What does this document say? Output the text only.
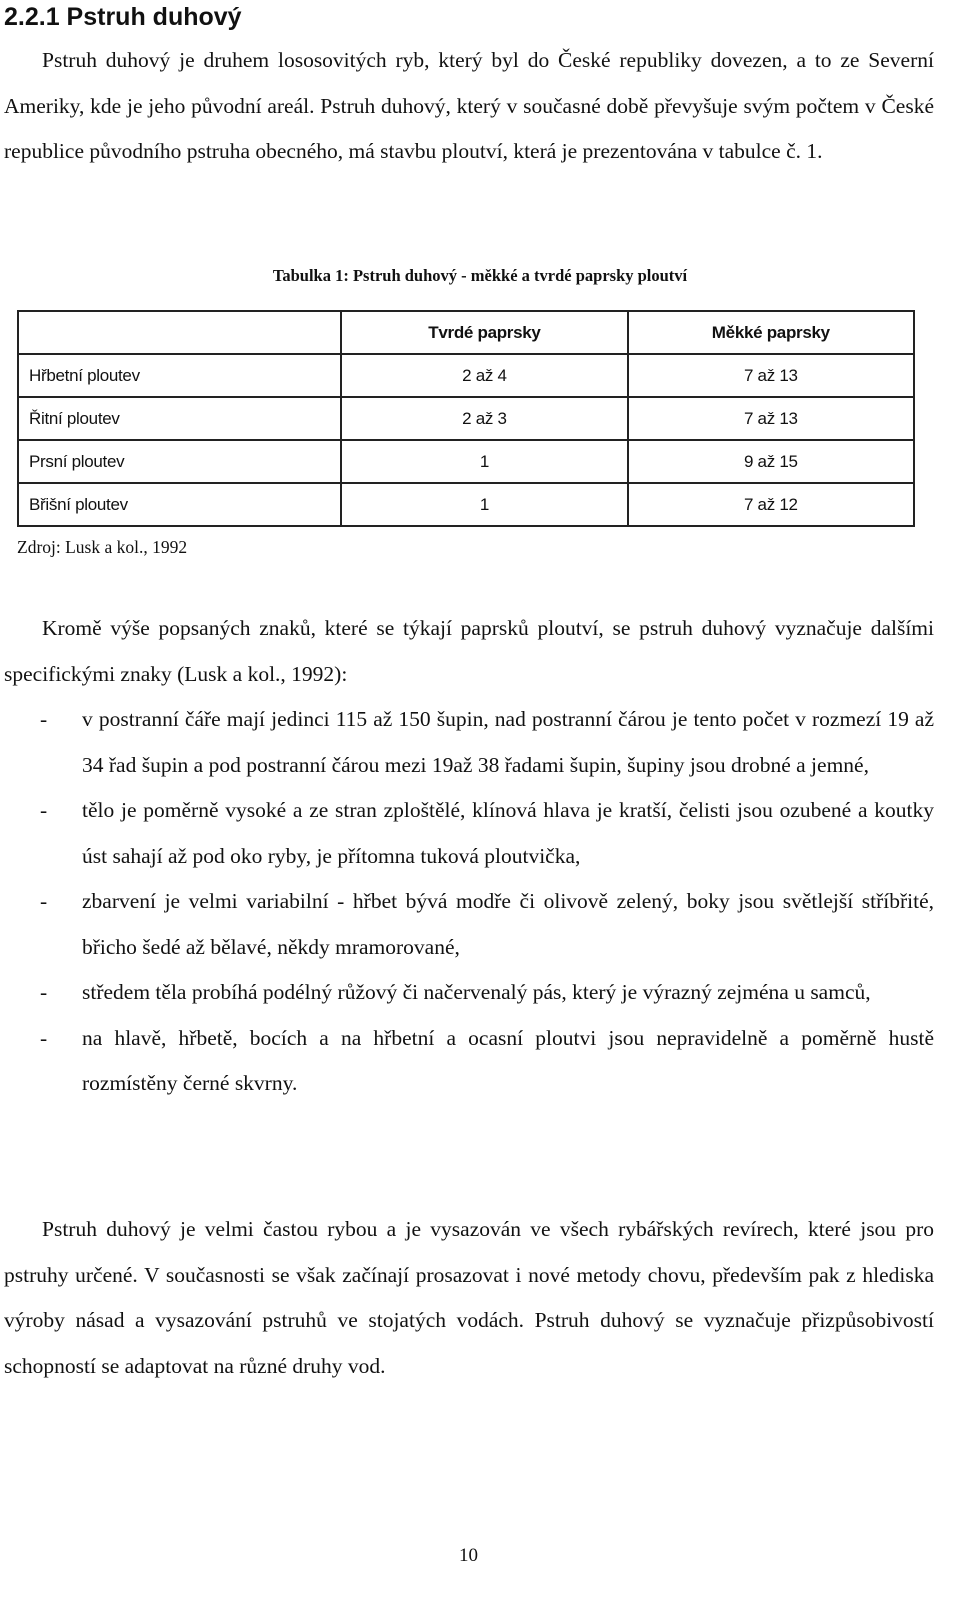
2.2.1 Pstruh duhový

Pstruh duhový je druhem lososovitých ryb, který byl do České republiky dovezen, a to ze Severní Ameriky, kde je jeho původní areál. Pstruh duhový, který v současné době převyšuje svým počtem v České republice původního pstruha obecného, má stavbu ploutví, která je prezentována v tabulce č. 1.

Tabulka 1: Pstruh duhový - měkké a tvrdé paprsky ploutví
	Tvrdé paprsky	Měkké paprsky
Hřbetní ploutev	2 až 4	7 až 13
Řitní ploutev	2 až 3	7 až 13
Prsní ploutev	1	9 až 15
Břišní ploutev	1	7 až 12
Zdroj: Lusk a kol., 1992

Kromě výše popsaných znaků, které se týkají paprsků ploutví, se pstruh duhový vyznačuje dalšími specifickými znaky (Lusk a kol., 1992):

- v postranní čáře mají jedinci 115 až 150 šupin, nad postranní čárou je tento počet v rozmezí 19 až 34 řad šupin a pod postranní čárou mezi 19až 38 řadami šupin, šupiny jsou drobné a jemné,
- tělo je poměrně vysoké a ze stran zploštělé, klínová hlava je kratší, čelisti jsou ozubené a koutky úst sahají až pod oko ryby, je přítomna tuková ploutvička,
- zbarvení je velmi variabilní - hřbet bývá modře či olivově zelený, boky jsou světlejší stříbřité, břicho šedé až bělavé, někdy mramorované,
- středem těla probíhá podélný růžový či načervenalý pás, který je výrazný zejména u samců,
- na hlavě, hřbetě, bocích a na hřbetní a ocasní ploutvi jsou nepravidelně a poměrně hustě rozmístěny černé skvrny.

Pstruh duhový je velmi častou rybou a je vysazován ve všech rybářských revírech, které jsou pro pstruhy určené. V současnosti se však začínají prosazovat i nové metody chovu, především pak z hlediska výroby násad a vysazování pstruhů ve stojatých vodách. Pstruh duhový se vyznačuje přizpůsobivostí schopností se adaptovat na různé druhy vod.

10
